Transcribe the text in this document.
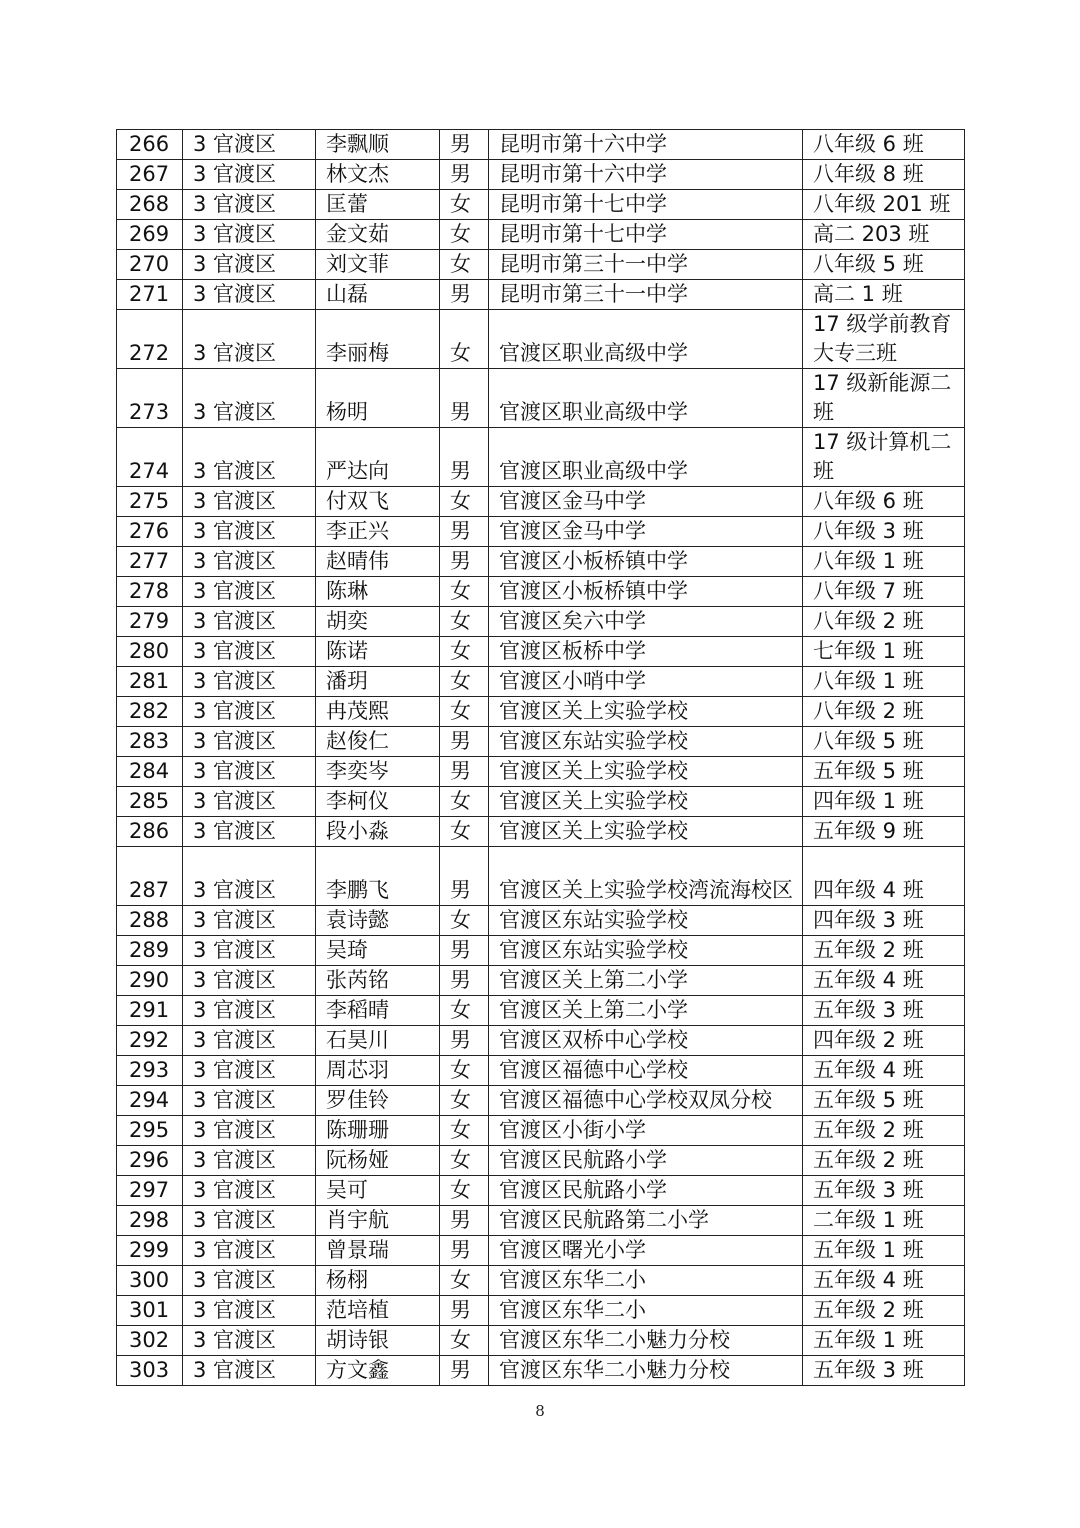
266	3 官渡区	李飘顺	男	昆明市第十六中学	八年级 6 班
267	3 官渡区	林文杰	男	昆明市第十六中学	八年级 8 班
268	3 官渡区	匡蕾	女	昆明市第十七中学	八年级 201 班
269	3 官渡区	金文茹	女	昆明市第十七中学	高二 203 班
270	3 官渡区	刘文菲	女	昆明市第三十一中学	八年级 5 班
271	3 官渡区	山磊	男	昆明市第三十一中学	高二 1 班
272	3 官渡区	李丽梅	女	官渡区职业高级中学	17 级学前教育大专三班
273	3 官渡区	杨明	男	官渡区职业高级中学	17 级新能源二班
274	3 官渡区	严达向	男	官渡区职业高级中学	17 级计算机二班
275	3 官渡区	付双飞	女	官渡区金马中学	八年级 6 班
276	3 官渡区	李正兴	男	官渡区金马中学	八年级 3 班
277	3 官渡区	赵晴伟	男	官渡区小板桥镇中学	八年级 1 班
278	3 官渡区	陈琳	女	官渡区小板桥镇中学	八年级 7 班
279	3 官渡区	胡奕	女	官渡区矣六中学	八年级 2 班
280	3 官渡区	陈诺	女	官渡区板桥中学	七年级 1 班
281	3 官渡区	潘玥	女	官渡区小哨中学	八年级 1 班
282	3 官渡区	冉茂熙	女	官渡区关上实验学校	八年级 2 班
283	3 官渡区	赵俊仁	男	官渡区东站实验学校	八年级 5 班
284	3 官渡区	李奕岑	男	官渡区关上实验学校	五年级 5 班
285	3 官渡区	李柯仪	女	官渡区关上实验学校	四年级 1 班
286	3 官渡区	段小淼	女	官渡区关上实验学校	五年级 9 班
287	3 官渡区	李鹏飞	男	官渡区关上实验学校湾流海校区	四年级 4 班
288	3 官渡区	袁诗懿	女	官渡区东站实验学校	四年级 3 班
289	3 官渡区	吴琦	男	官渡区东站实验学校	五年级 2 班
290	3 官渡区	张芮铭	男	官渡区关上第二小学	五年级 4 班
291	3 官渡区	李稻晴	女	官渡区关上第二小学	五年级 3 班
292	3 官渡区	石昊川	男	官渡区双桥中心学校	四年级 2 班
293	3 官渡区	周芯羽	女	官渡区福德中心学校	五年级 4 班
294	3 官渡区	罗佳铃	女	官渡区福德中心学校双凤分校	五年级 5 班
295	3 官渡区	陈珊珊	女	官渡区小街小学	五年级 2 班
296	3 官渡区	阮杨娅	女	官渡区民航路小学	五年级 2 班
297	3 官渡区	吴可	女	官渡区民航路小学	五年级 3 班
298	3 官渡区	肖宇航	男	官渡区民航路第二小学	二年级 1 班
299	3 官渡区	曾景瑞	男	官渡区曙光小学	五年级 1 班
300	3 官渡区	杨栩	女	官渡区东华二小	五年级 4 班
301	3 官渡区	范培植	男	官渡区东华二小	五年级 2 班
302	3 官渡区	胡诗银	女	官渡区东华二小魅力分校	五年级 1 班
303	3 官渡区	方文鑫	男	官渡区东华二小魅力分校	五年级 3 班
8
